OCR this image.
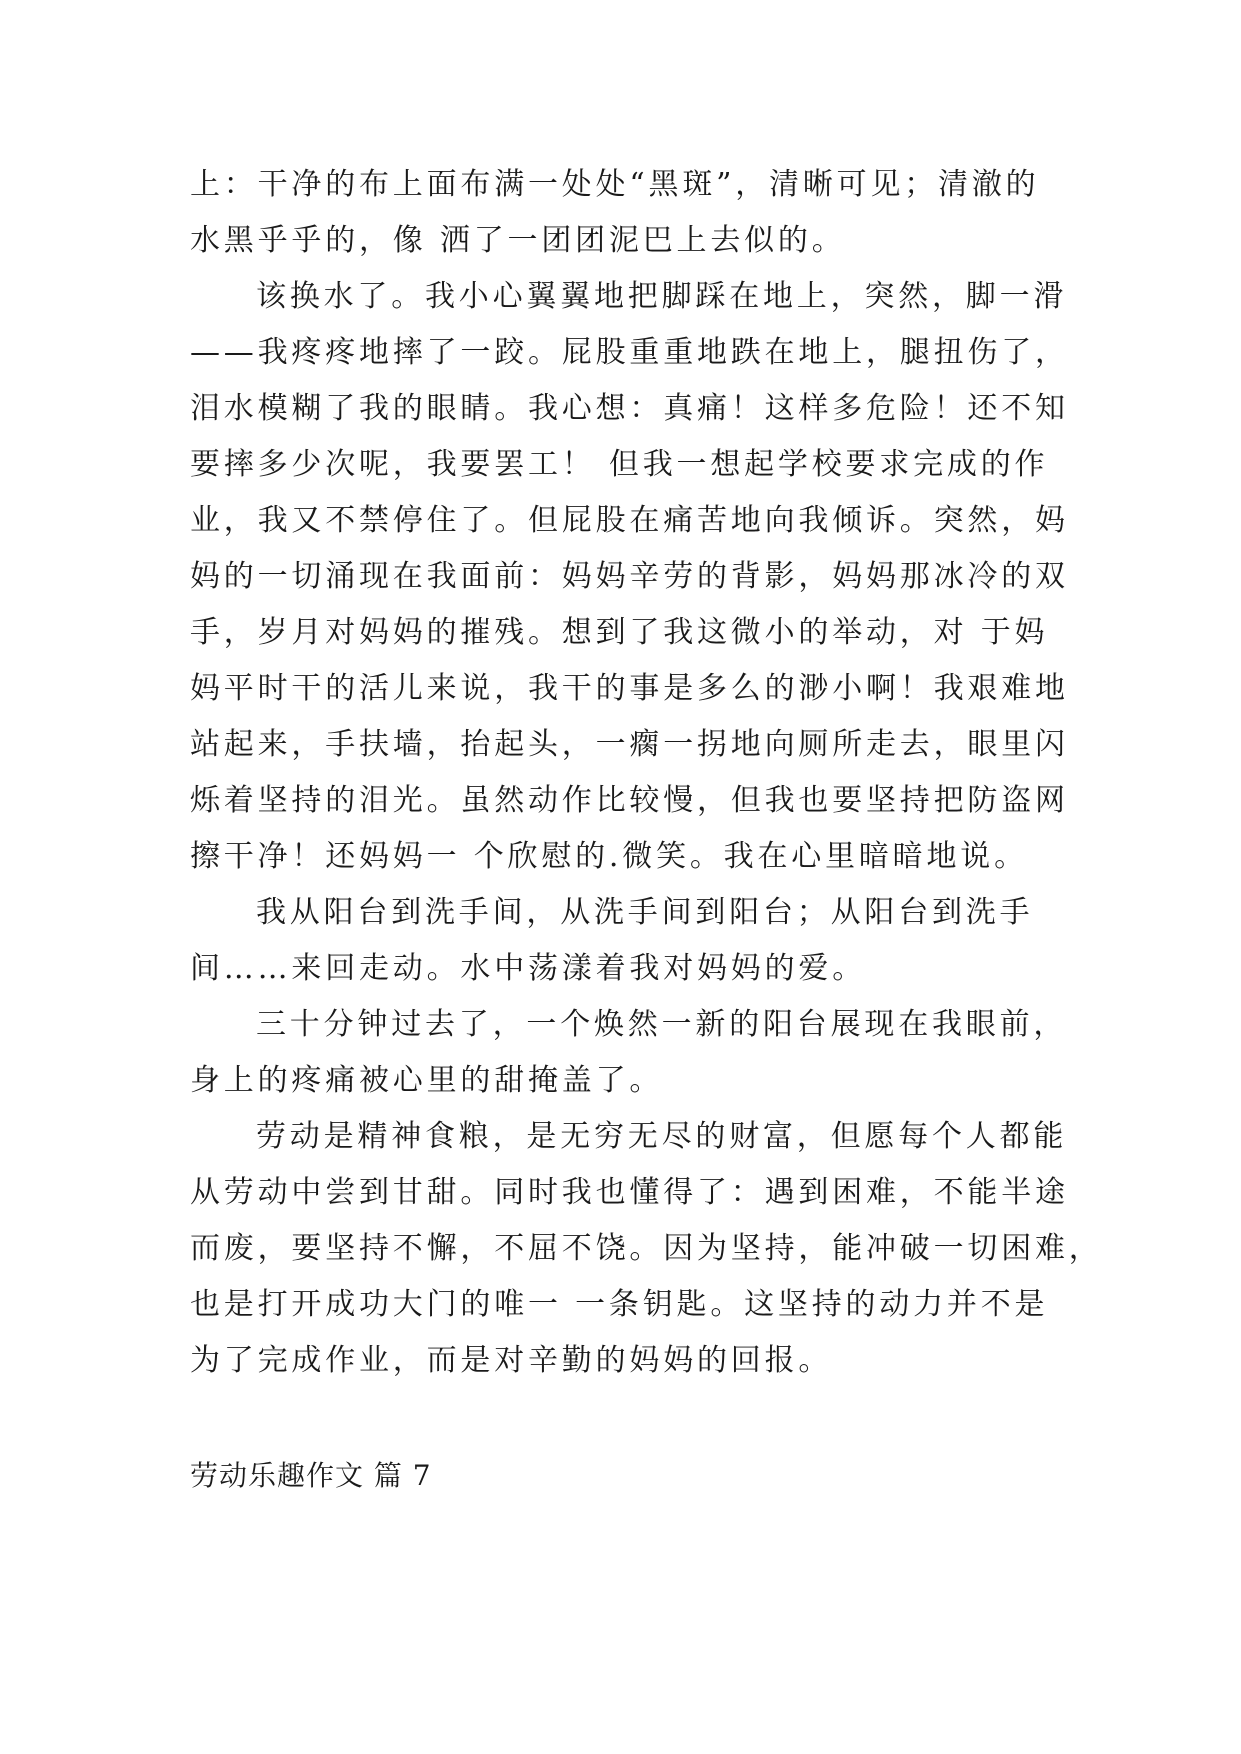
上：干净的布上面布满一处处“黑斑”，清晰可见；清澈的
水黑乎乎的，像 洒了一团团泥巴上去似的。
该换水了。我小心翼翼地把脚踩在地上，突然，脚一滑
——我疼疼地摔了一跤。屁股重重地跌在地上，腿扭伤了，
泪水模糊了我的眼睛。我心想：真痛！这样多危险！还不知
要摔多少次呢，我要罢工！ 但我一想起学校要求完成的作
业，我又不禁停住了。但屁股在痛苦地向我倾诉。突然，妈
妈的一切涌现在我面前：妈妈辛劳的背影，妈妈那冰冷的双
手，岁月对妈妈的摧残。想到了我这微小的举动，对 于妈
妈平时干的活儿来说，我干的事是多么的渺小啊！我艰难地
站起来，手扶墙，抬起头，一瘸一拐地向厕所走去，眼里闪
烁着坚持的泪光。虽然动作比较慢，但我也要坚持把防盗网
擦干净！还妈妈一 个欣慰的.微笑。我在心里暗暗地说。
我从阳台到洗手间，从洗手间到阳台；从阳台到洗手
间……来回走动。水中荡漾着我对妈妈的爱。
三十分钟过去了，一个焕然一新的阳台展现在我眼前，
身上的疼痛被心里的甜掩盖了。
劳动是精神食粮，是无穷无尽的财富，但愿每个人都能
从劳动中尝到甘甜。同时我也懂得了：遇到困难，不能半途
而废，要坚持不懈，不屈不饶。因为坚持，能冲破一切困难，
也是打开成功大门的唯一 一条钥匙。这坚持的动力并不是
为了完成作业，而是对辛勤的妈妈的回报。
劳动乐趣作文 篇 7
